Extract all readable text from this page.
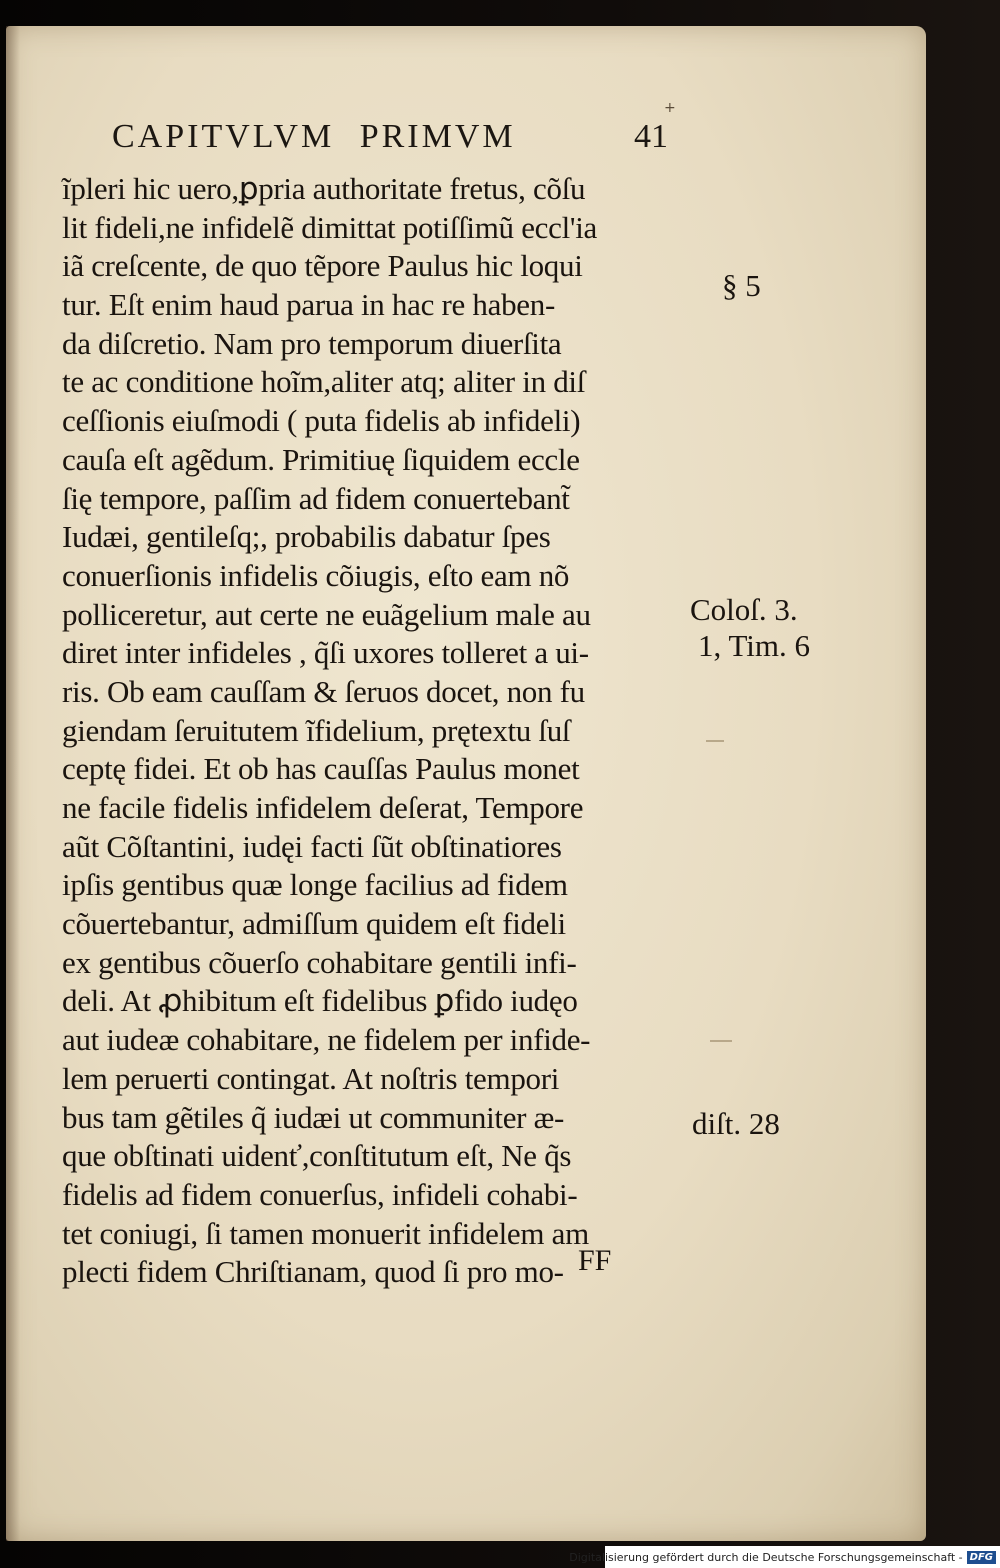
+
CAPITVLVM PRIMVM	41
ĩpleri hic uero,ꝑpria authoritate fretus, cõſu
lit fideli,ne infidelẽ dimittat potiſſimũ eccl'ia
iã creſcente, de quo tẽpore Paulus hic loqui
tur. Eſt enim haud parua in hac re haben-
da diſcretio. Nam pro temporum diuerſita
te ac conditione hoĩm,aliter atq; aliter in diſ
ceſſionis eiuſmodi ( puta fidelis ab infideli)
cauſa eſt agẽdum. Primitiuę ſiquidem eccle
ſię tempore, paſſim ad fidem conuertebant̃
Iudæi, gentileſq;, probabilis dabatur ſpes
conuerſionis infidelis cõiugis, eſto eam nõ
polliceretur, aut certe ne euãgelium male au
diret inter infideles , q̃ſi uxores tolleret a ui-
ris. Ob eam cauſſam & ſeruos docet, non fu
giendam ſeruitutem ĩfidelium, prętextu ſuſ
ceptę fidei. Et ob has cauſſas Paulus monet
ne facile fidelis infidelem deſerat, Tempore
aũt Cõſtantini, iudęi facti ſũt obſtinatiores
ipſis gentibus quæ longe facilius ad fidem
cõuertebantur, admiſſum quidem eſt fideli
ex gentibus cõuerſo cohabitare gentili infi-
deli. At ꝓhibitum eſt fidelibus ꝑfido iudęo
aut iudeæ cohabitare, ne fidelem per infide-
lem peruerti contingat. At noſtris tempori
bus tam gẽtiles q̃ iudæi ut communiter æ-
que obſtinati uidenť,conſtitutum eſt, Ne q̃s
fidelis ad fidem conuerſus, infideli cohabi-
tet coniugi, ſi tamen monuerit infidelem am
plecti fidem Chriſtianam, quod ſi pro mo- FF
§ 5
Coloſ. 3.
1, Tim. 6
diſt. 28
Digitalisierung gefördert durch die Deutsche Forschungsgemeinschaft - DFG
